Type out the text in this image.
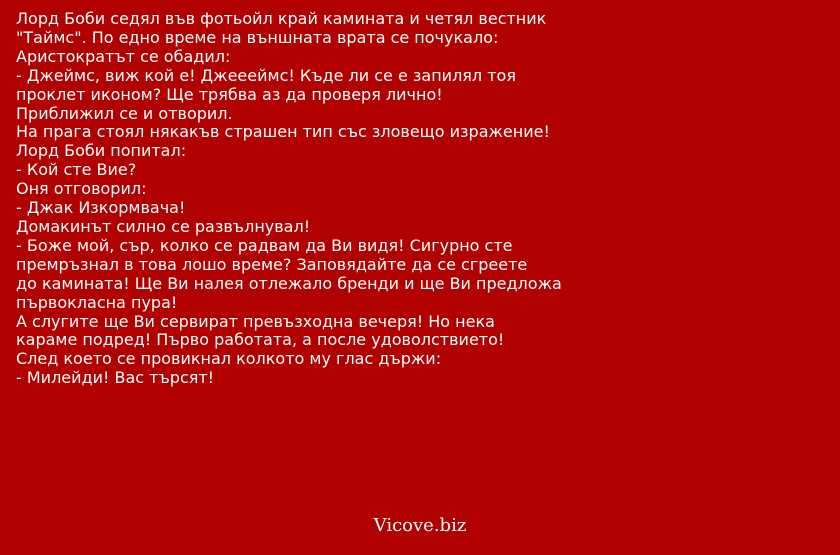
Лорд Боби седял във фотьойл край камината и четял вестник
"Таймс". По едно време на външната врата се почукало:
Аристократът се обадил:
- Джеймс, виж кой е! Джеееймс! Къде ли се е запилял тоя
проклет иконом? Ще трябва аз да проверя лично!
Приближил се и отворил.
На прага стоял някакъв страшен тип със зловещо изражение!
Лорд Боби попитал:
- Кой сте Вие?
Оня отговорил:
- Джак Изкормвача!
Домакинът силно се развълнувал!
- Боже мой, сър, колко се радвам да Ви видя! Сигурно сте
премръзнал в това лошо време? Заповядайте да се сгреете
до камината! Ще Ви налея отлежало бренди и ще Ви предложа
първокласна пура!
А слугите ще Ви сервират превъзходна вечеря! Но нека
караме подред! Първо работата, а после удоволствието!
След което се провикнал колкото му глас държи:
- Милейди! Вас търсят!
Vicove.biz
